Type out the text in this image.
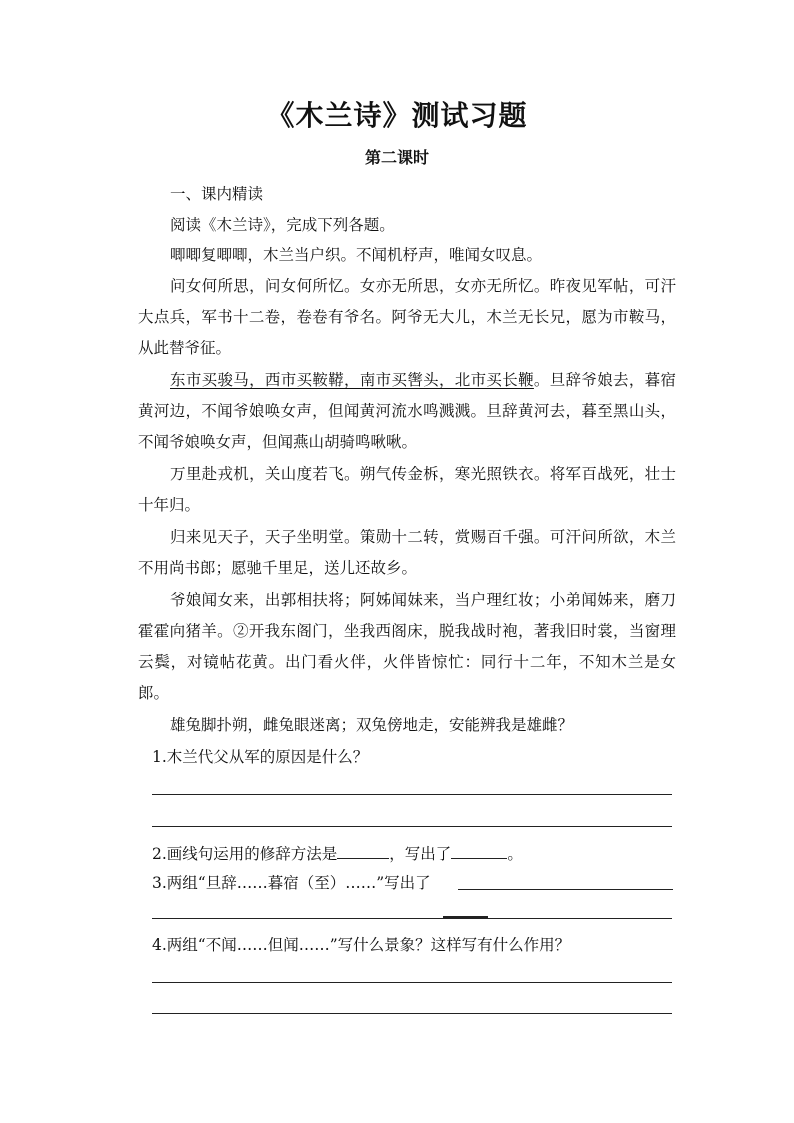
《木兰诗》测试习题
第二课时
一、课内精读
阅读《木兰诗》，完成下列各题。
唧唧复唧唧，木兰当户织。不闻机杼声，唯闻女叹息。
问女何所思，问女何所忆。女亦无所思，女亦无所忆。昨夜见军帖，可汗大点兵，军书十二卷，卷卷有爷名。阿爷无大儿，木兰无长兄，愿为市鞍马，从此替爷征。
东市买骏马，西市买鞍鞯，南市买辔头，北市买长鞭。旦辞爷娘去，暮宿黄河边，不闻爷娘唤女声，但闻黄河流水鸣溅溅。旦辞黄河去，暮至黑山头，不闻爷娘唤女声，但闻燕山胡骑鸣啾啾。
万里赴戎机，关山度若飞。朔气传金柝，寒光照铁衣。将军百战死，壮士十年归。
归来见天子，天子坐明堂。策勋十二转，赏赐百千强。可汗问所欲，木兰不用尚书郎；愿驰千里足，送儿还故乡。
爷娘闻女来，出郭相扶将；阿姊闻妹来，当户理红妆；小弟闻姊来，磨刀霍霍向猪羊。②开我东阁门，坐我西阁床，脱我战时袍，著我旧时裳，当窗理云鬓，对镜帖花黄。出门看火伴，火伴皆惊忙：同行十二年，不知木兰是女郎。
雄兔脚扑朔，雌兔眼迷离；双兔傍地走，安能辨我是雄雌？
1.木兰代父从军的原因是什么？
2.画线句运用的修辞方法是	，写出了	。
3.两组“旦辞……暮宿（至）……”写出了
4.两组“不闻……但闻……”写什么景象？这样写有什么作用？
